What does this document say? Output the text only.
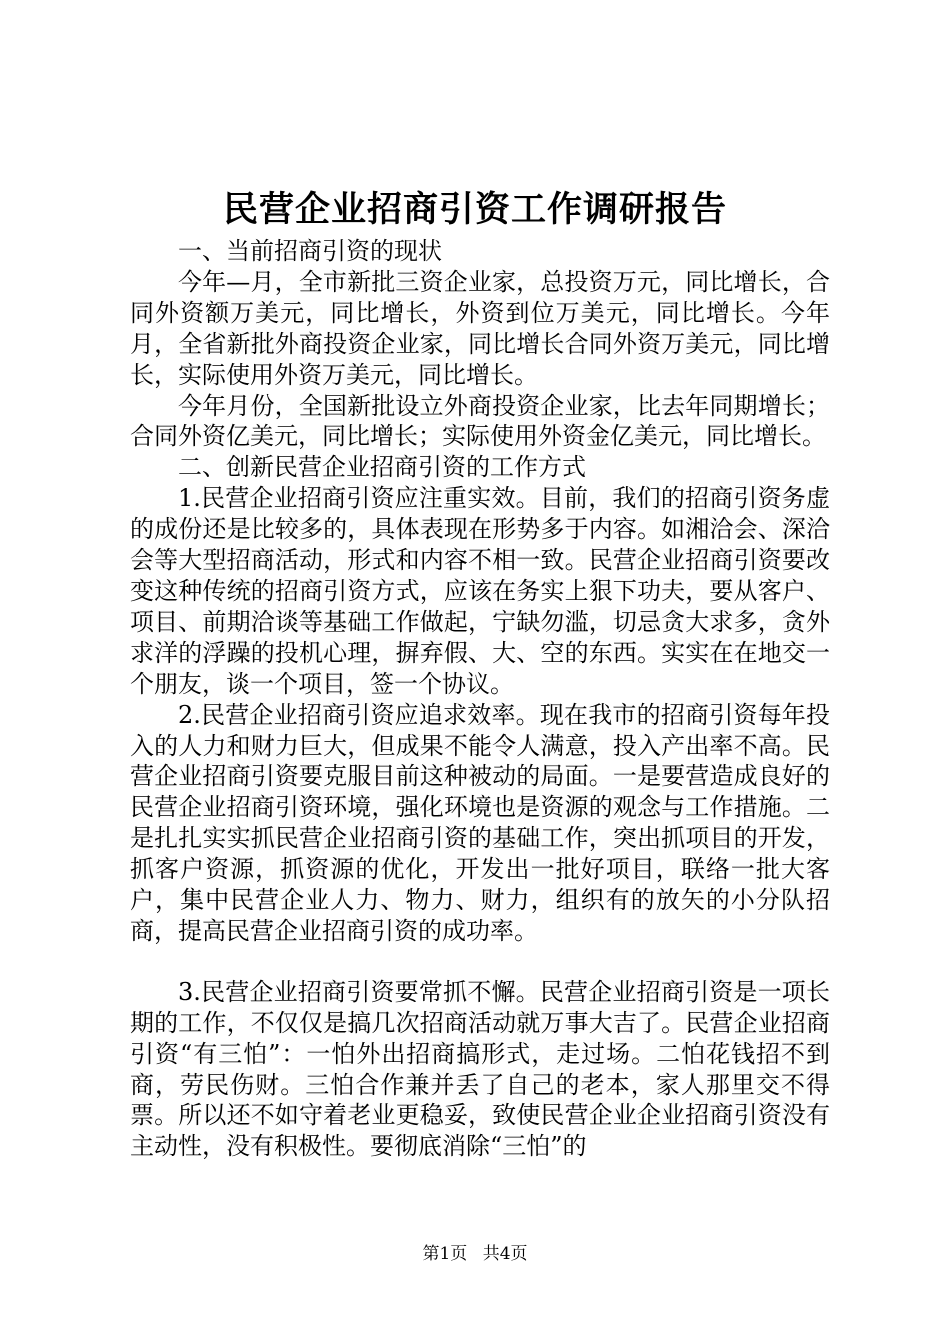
民营企业招商引资工作调研报告

一、当前招商引资的现状

今年—月，全市新批三资企业家，总投资万元，同比增长，合同外资额万美元，同比增长，外资到位万美元，同比增长。今年月，全省新批外商投资企业家，同比增长合同外资万美元，同比增长，实际使用外资万美元，同比增长。

今年月份，全国新批设立外商投资企业家，比去年同期增长；合同外资亿美元，同比增长；实际使用外资金亿美元，同比增长。

二、创新民营企业招商引资的工作方式

1.民营企业招商引资应注重实效。目前，我们的招商引资务虚的成份还是比较多的，具体表现在形势多于内容。如湘洽会、深洽会等大型招商活动，形式和内容不相一致。民营企业招商引资要改变这种传统的招商引资方式，应该在务实上狠下功夫，要从客户、项目、前期洽谈等基础工作做起，宁缺勿滥，切忌贪大求多，贪外求洋的浮躁的投机心理，摒弃假、大、空的东西。实实在在地交一个朋友，谈一个项目，签一个协议。

2.民营企业招商引资应追求效率。现在我市的招商引资每年投入的人力和财力巨大，但成果不能令人满意，投入产出率不高。民营企业招商引资要克服目前这种被动的局面。一是要营造成良好的民营企业招商引资环境，强化环境也是资源的观念与工作措施。二是扎扎实实抓民营企业招商引资的基础工作，突出抓项目的开发，抓客户资源，抓资源的优化，开发出一批好项目，联络一批大客户，集中民营企业人力、物力、财力，组织有的放矢的小分队招商，提高民营企业招商引资的成功率。

3.民营企业招商引资要常抓不懈。民营企业招商引资是一项长期的工作，不仅仅是搞几次招商活动就万事大吉了。民营企业招商引资“有三怕”：一怕外出招商搞形式，走过场。二怕花钱招不到商，劳民伤财。三怕合作兼并丢了自己的老本，家人那里交不得票。所以还不如守着老业更稳妥，致使民营企业企业招商引资没有主动性，没有积极性。要彻底消除“三怕”的

第1页 共4页
